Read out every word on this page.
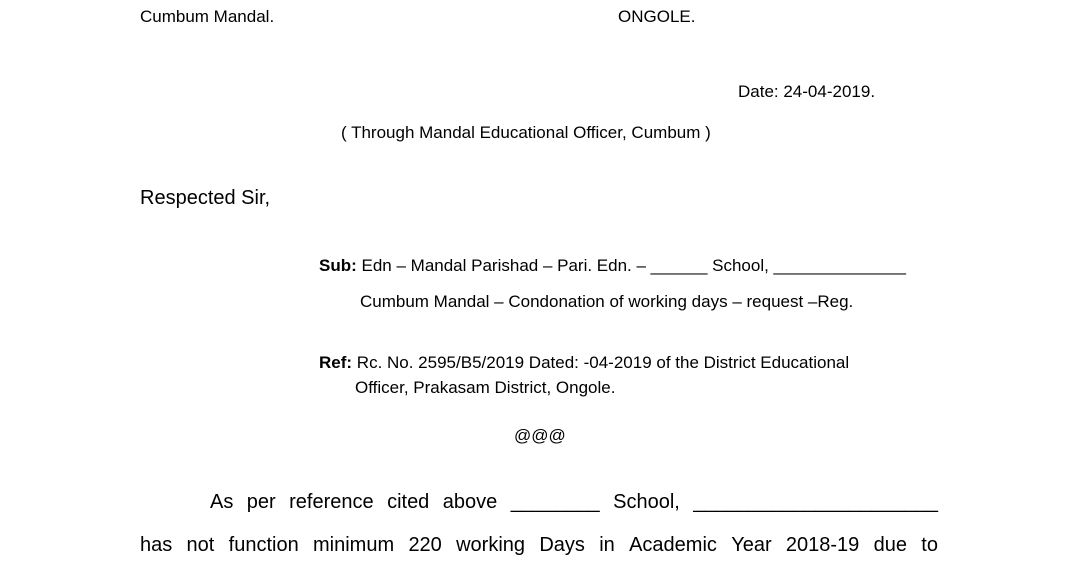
Cumbum Mandal.	ONGOLE.
Date: 24-04-2019.
( Through Mandal Educational Officer, Cumbum )
Respected Sir,
Sub: Edn – Mandal Parishad – Pari. Edn. – ______ School, ______________
Cumbum Mandal – Condonation of working days – request –Reg.
Ref: Rc. No. 2595/B5/2019 Dated: -04-2019 of the District Educational
Officer, Prakasam District, Ongole.
@@@
As per reference cited above ________ School, ______________________
has not function minimum 220 working Days in Academic Year 2018-19 due to
